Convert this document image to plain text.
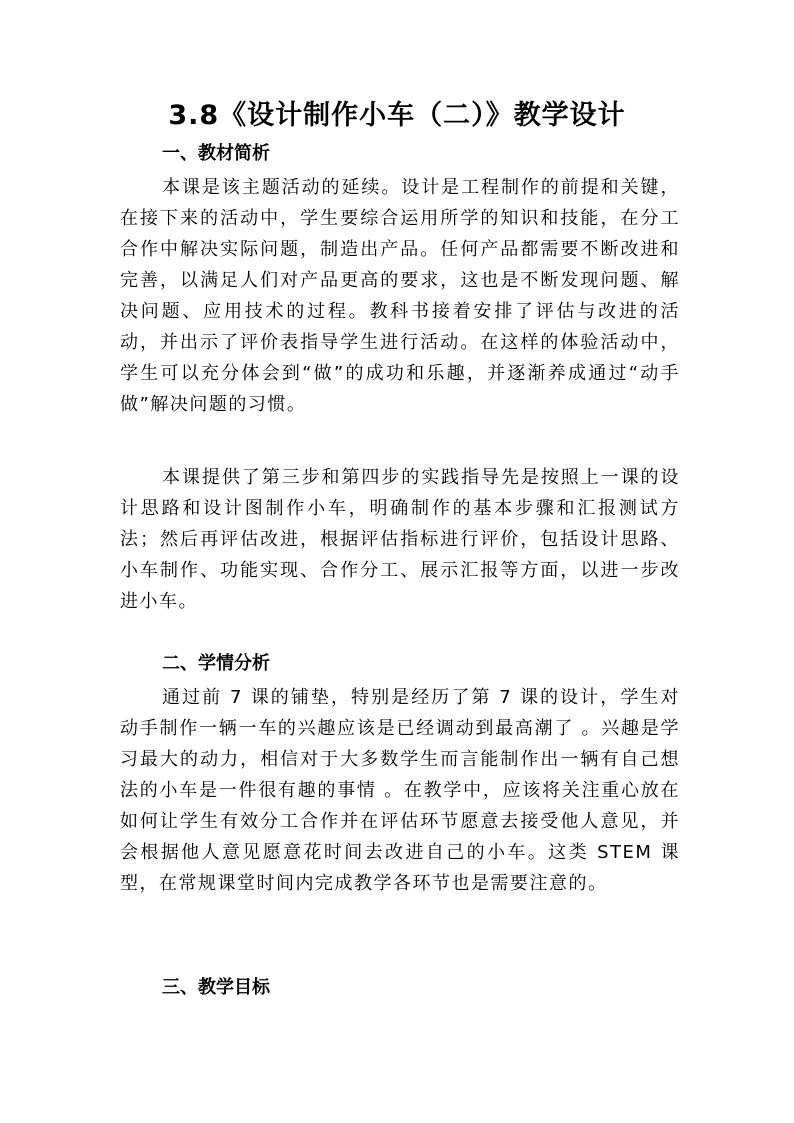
3.8《设计制作小车（二）》教学设计
一、教材简析

本课是该主题活动的延续。设计是工程制作的前提和关键，在接下来的活动中，学生要综合运用所学的知识和技能，在分工合作中解决实际问题，制造出产品。任何产品都需要不断改进和完善，以满足人们对产品更高的要求，这也是不断发现问题、解决问题、应用技术的过程。教科书接着安排了评估与改进的活动，并出示了评价表指导学生进行活动。在这样的体验活动中，学生可以充分体会到“做”的成功和乐趣，并逐渐养成通过“动手做”解决问题的习惯。

本课提供了第三步和第四步的实践指导先是按照上一课的设计思路和设计图制作小车，明确制作的基本步骤和汇报测试方法；然后再评估改进，根据评估指标进行评价，包括设计思路、小车制作、功能实现、合作分工、展示汇报等方面，以进一步改进小车。

二、学情分析

通过前 7 课的铺垫，特别是经历了第 7 课的设计，学生对动手制作一辆一车的兴趣应该是已经调动到最高潮了 。兴趣是学习最大的动力，相信对于大多数学生而言能制作出一辆有自己想法的小车是一件很有趣的事情 。在教学中，应该将关注重心放在如何让学生有效分工合作并在评估环节愿意去接受他人意见，并会根据他人意见愿意花时间去改进自己的小车。这类 STEM 课型，在常规课堂时间内完成教学各环节也是需要注意的。

三、教学目标
